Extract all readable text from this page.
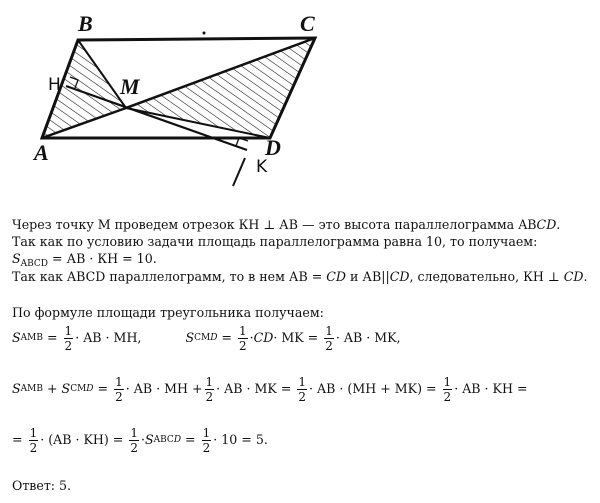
B	C
A	D
M
H
K
Через точку М проведем отрезок КН ⊥ АВ — это высота параллелограмма ABCD.
Так как по условию задачи площадь параллелограмма равна 10, то получаем:
$S_{ABCD}$ = АВ · КН = 10.
Так как ABCD параллелограмм, то в нем АВ = CD и АВ||CD, следовательно, КН ⊥ CD.
По формуле площади треугольника получаем:
S AMB = $\frac{1}{2}$ · AB · MH,	S CMD = $\frac{1}{2}$ · CD · MK = $\frac{1}{2}$ · AB · MK,
S AMB + S CMD = $\frac{1}{2}$ · AB · MH + $\frac{1}{2}$ · AB · MK = $\frac{1}{2}$ · AB · $(MH + MK) = \frac{1}{2}$ · AB · KH =
= $\frac{1}{2} \cdot (AB \cdot KH) = \frac{1}{2} \cdot S$ ABCD = $\frac{1}{2} \cdot 10 = 5$.
Ответ: 5.
